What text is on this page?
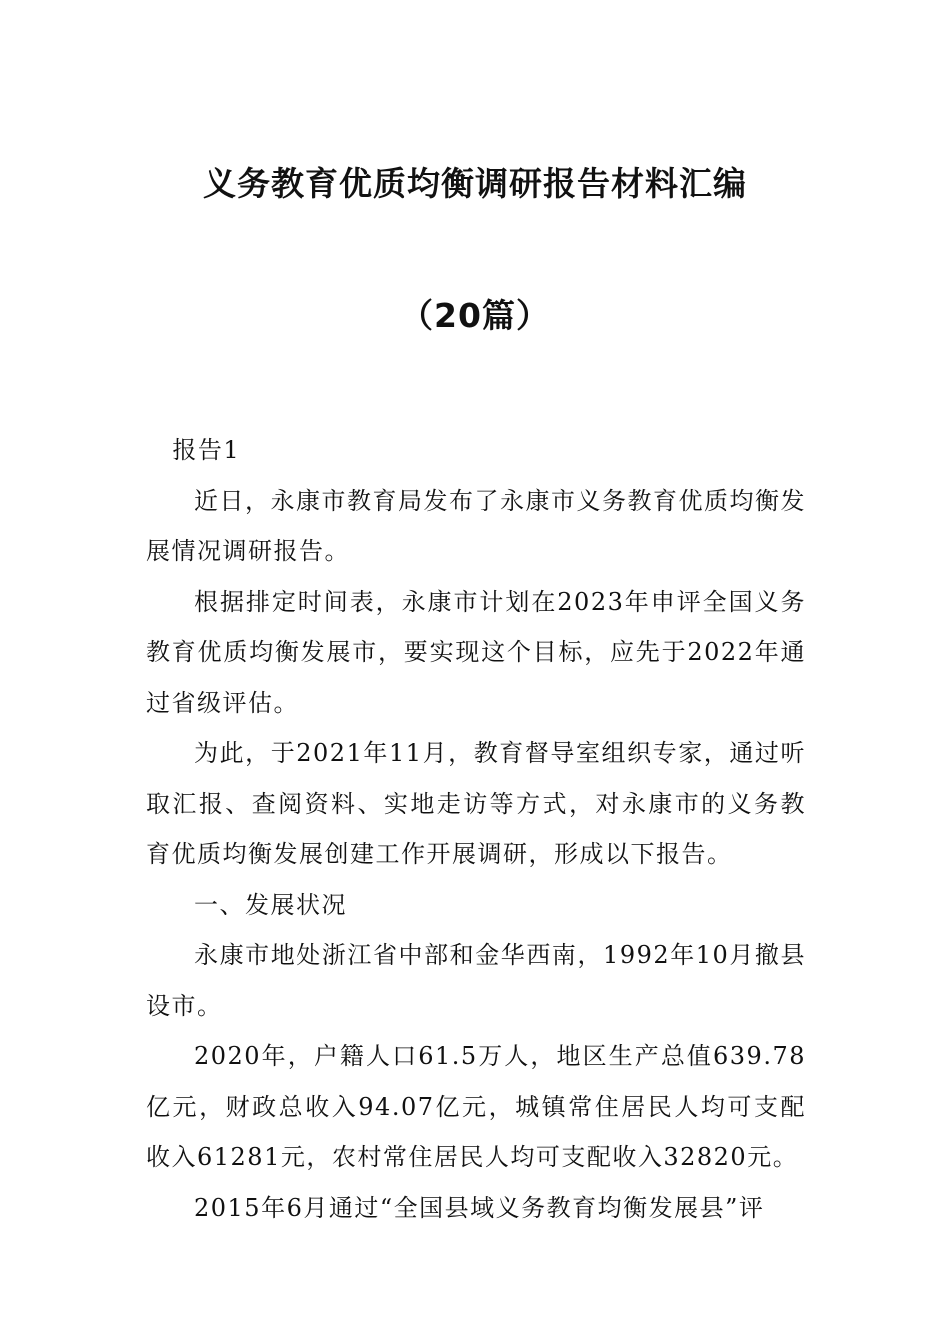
义务教育优质均衡调研报告材料汇编
（20篇）

报告1

近日，永康市教育局发布了永康市义务教育优质均衡发展情况调研报告。

根据排定时间表，永康市计划在2023年申评全国义务教育优质均衡发展市，要实现这个目标，应先于2022年通过省级评估。

为此，于2021年11月，教育督导室组织专家，通过听取汇报、查阅资料、实地走访等方式，对永康市的义务教育优质均衡发展创建工作开展调研，形成以下报告。

一、发展状况

永康市地处浙江省中部和金华西南，1992年10月撤县设市。

2020年，户籍人口61.5万人，地区生产总值639.78亿元，财政总收入94.07亿元，城镇常住居民人均可支配收入61281元，农村常住居民人均可支配收入32820元。

2015年6月通过“全国县域义务教育均衡发展县”评
